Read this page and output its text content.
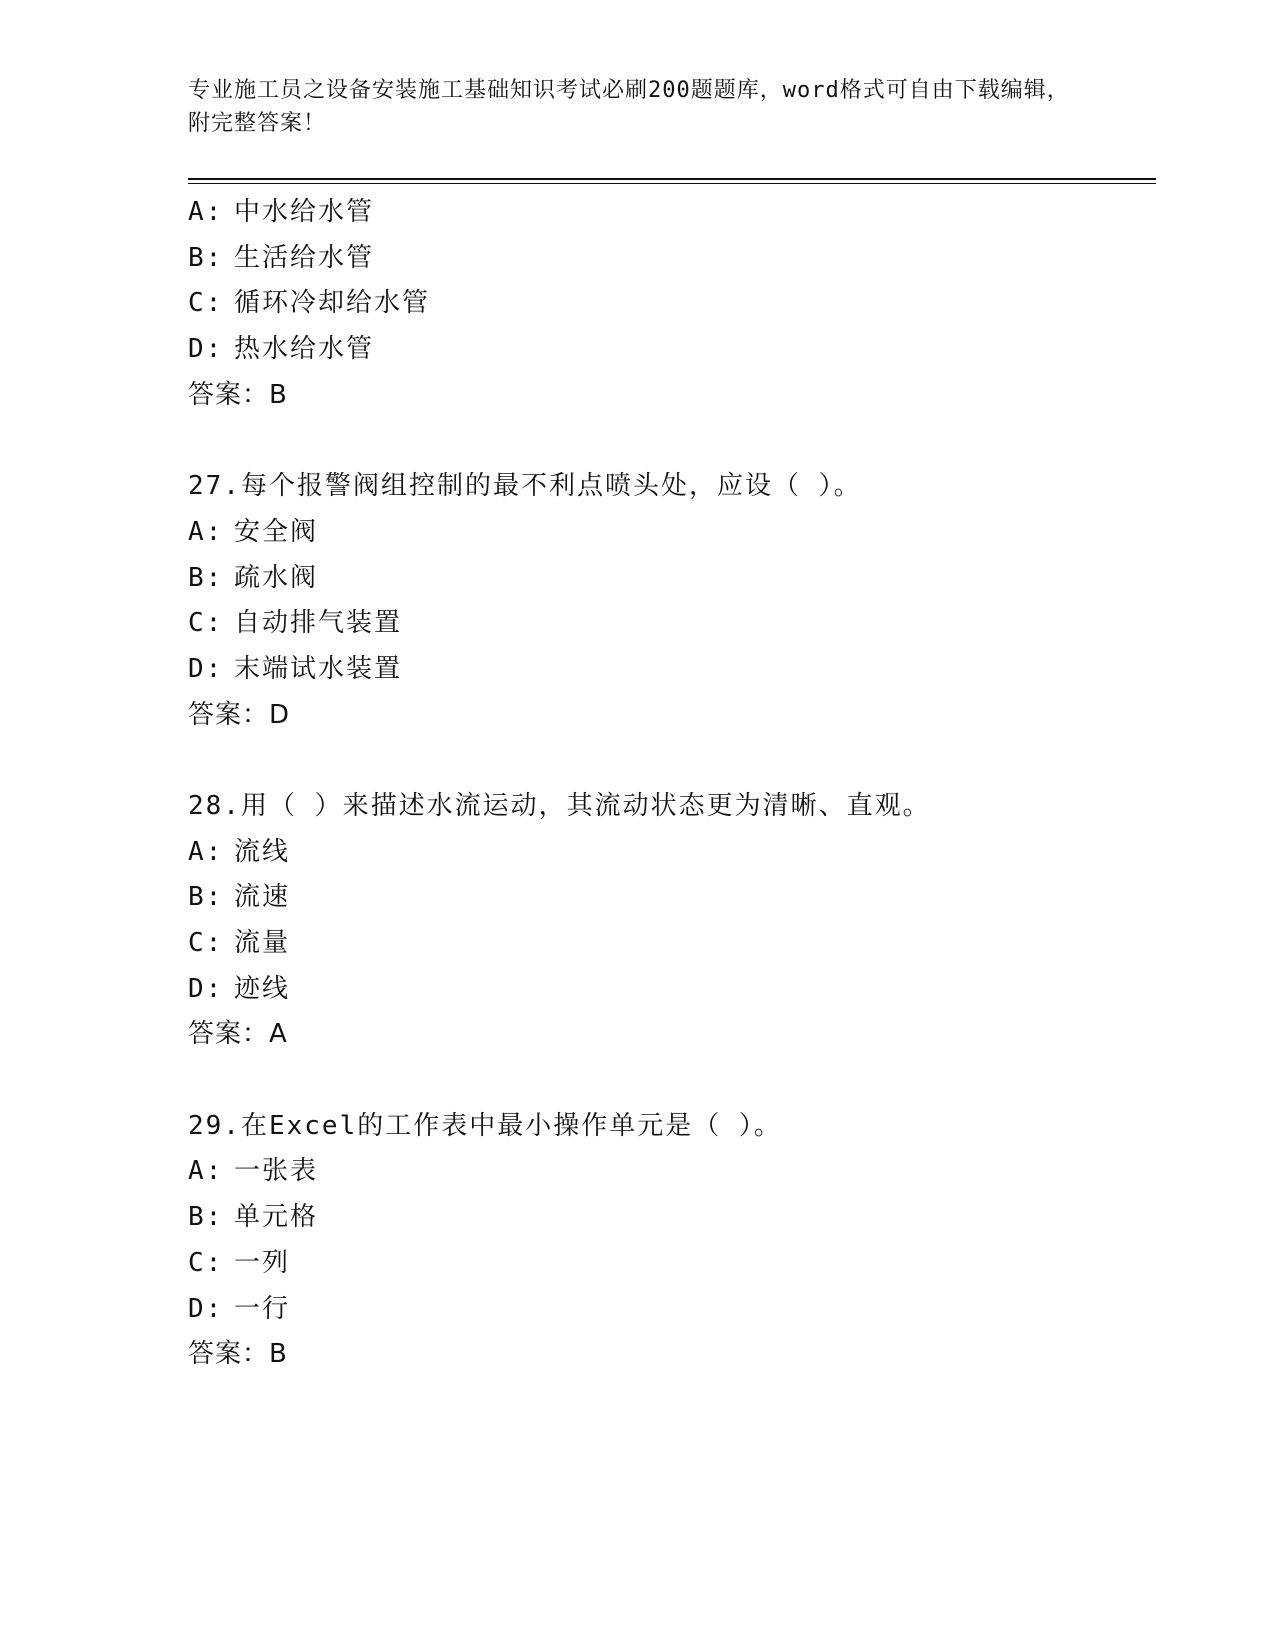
专业施工员之设备安装施工基础知识考试必刷200题题库，word格式可自由下载编辑，附完整答案！
A: 中水给水管
B: 生活给水管
C: 循环冷却给水管
D: 热水给水管
答案：B
27.每个报警阀组控制的最不利点喷头处，应设（ ）。
A: 安全阀
B: 疏水阀
C: 自动排气装置
D: 末端试水装置
答案：D
28.用（ ）来描述水流运动，其流动状态更为清晰、直观。
A: 流线
B: 流速
C: 流量
D: 迹线
答案：A
29.在Excel的工作表中最小操作单元是（ ）。
A: 一张表
B: 单元格
C: 一列
D: 一行
答案：B
